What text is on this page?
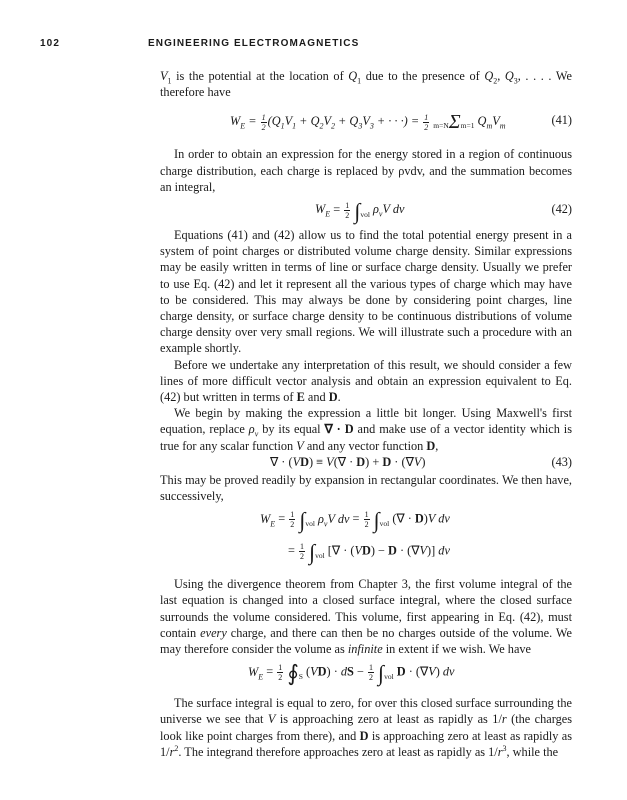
102	ENGINEERING ELECTROMAGNETICS

$V_1$ is the potential at the location of $Q_1$ due to the presence of $Q_2$, $Q_3$, . . . . We therefore have

$W_E = \frac{1}{2} (Q_1V_1 + Q_2V_2 + Q_3V_3$ + · · ·) = $\frac{1}{2} m=N\Sigma m=1$ $Q_mV_m$	(41)

In order to obtain an expression for the energy stored in a region of continuous charge distribution, each charge is replaced by ρvdv, and the summation becomes an integral,

$W_E = \frac{1}{2} \int_{vol}$ $\rho_vV$ dv	(42)

Equations (41) and (42) allow us to find the total potential energy present in a system of point charges or distributed volume charge density. Similar expressions may be easily written in terms of line or surface charge density. Usually we prefer to use Eq. (42) and let it represent all the various types of charge which may have to be considered. This may always be done by considering point charges, line charge density, or surface charge density to be continuous distributions of volume charge density over very small regions. We will illustrate such a procedure with an example shortly.

Before we undertake any interpretation of this result, we should consider a few lines of more difficult vector analysis and obtain an expression equivalent to Eq. (42) but written in terms of E and D.

We begin by making the expression a little bit longer. Using Maxwell's first equation, replace $\rho_v$ by its equal ∇ · D and make use of a vector identity which is true for any scalar function V and any vector function D,

∇ · (VD) ≡ V(∇ · D) + D · (∇V)	(43)

This may be proved readily by expansion in rectangular coordinates. We then have, successively,

$W_E = \frac{1}{2} \int_{vol}$ $\rho_vV$ dv = $\frac{1}{2} \int_{vol}$ (∇ · D)V dv
= $\frac{1}{2} \int_{vol}$ [∇ · (VD) − D · (∇V)] dv

Using the divergence theorem from Chapter 3, the first volume integral of the last equation is changed into a closed surface integral, where the closed surface surrounds the volume considered. This volume, first appearing in Eq. (42), must contain every charge, and there can then be no charges outside of the volume. We may therefore consider the volume as infinite in extent if we wish. We have

$W_E = \frac{1}{2}$ $∮_S$ (VD) · dS − $\frac{1}{2} \int_{vol}$ D · (∇V) dv

The surface integral is equal to zero, for over this closed surface surrounding the universe we see that V is approaching zero at least as rapidly as 1/r (the charges look like point charges from there), and D is approaching zero at least as rapidly as $1/r^2$. The integrand therefore approaches zero at least as rapidly as $1/r^3$, while the
